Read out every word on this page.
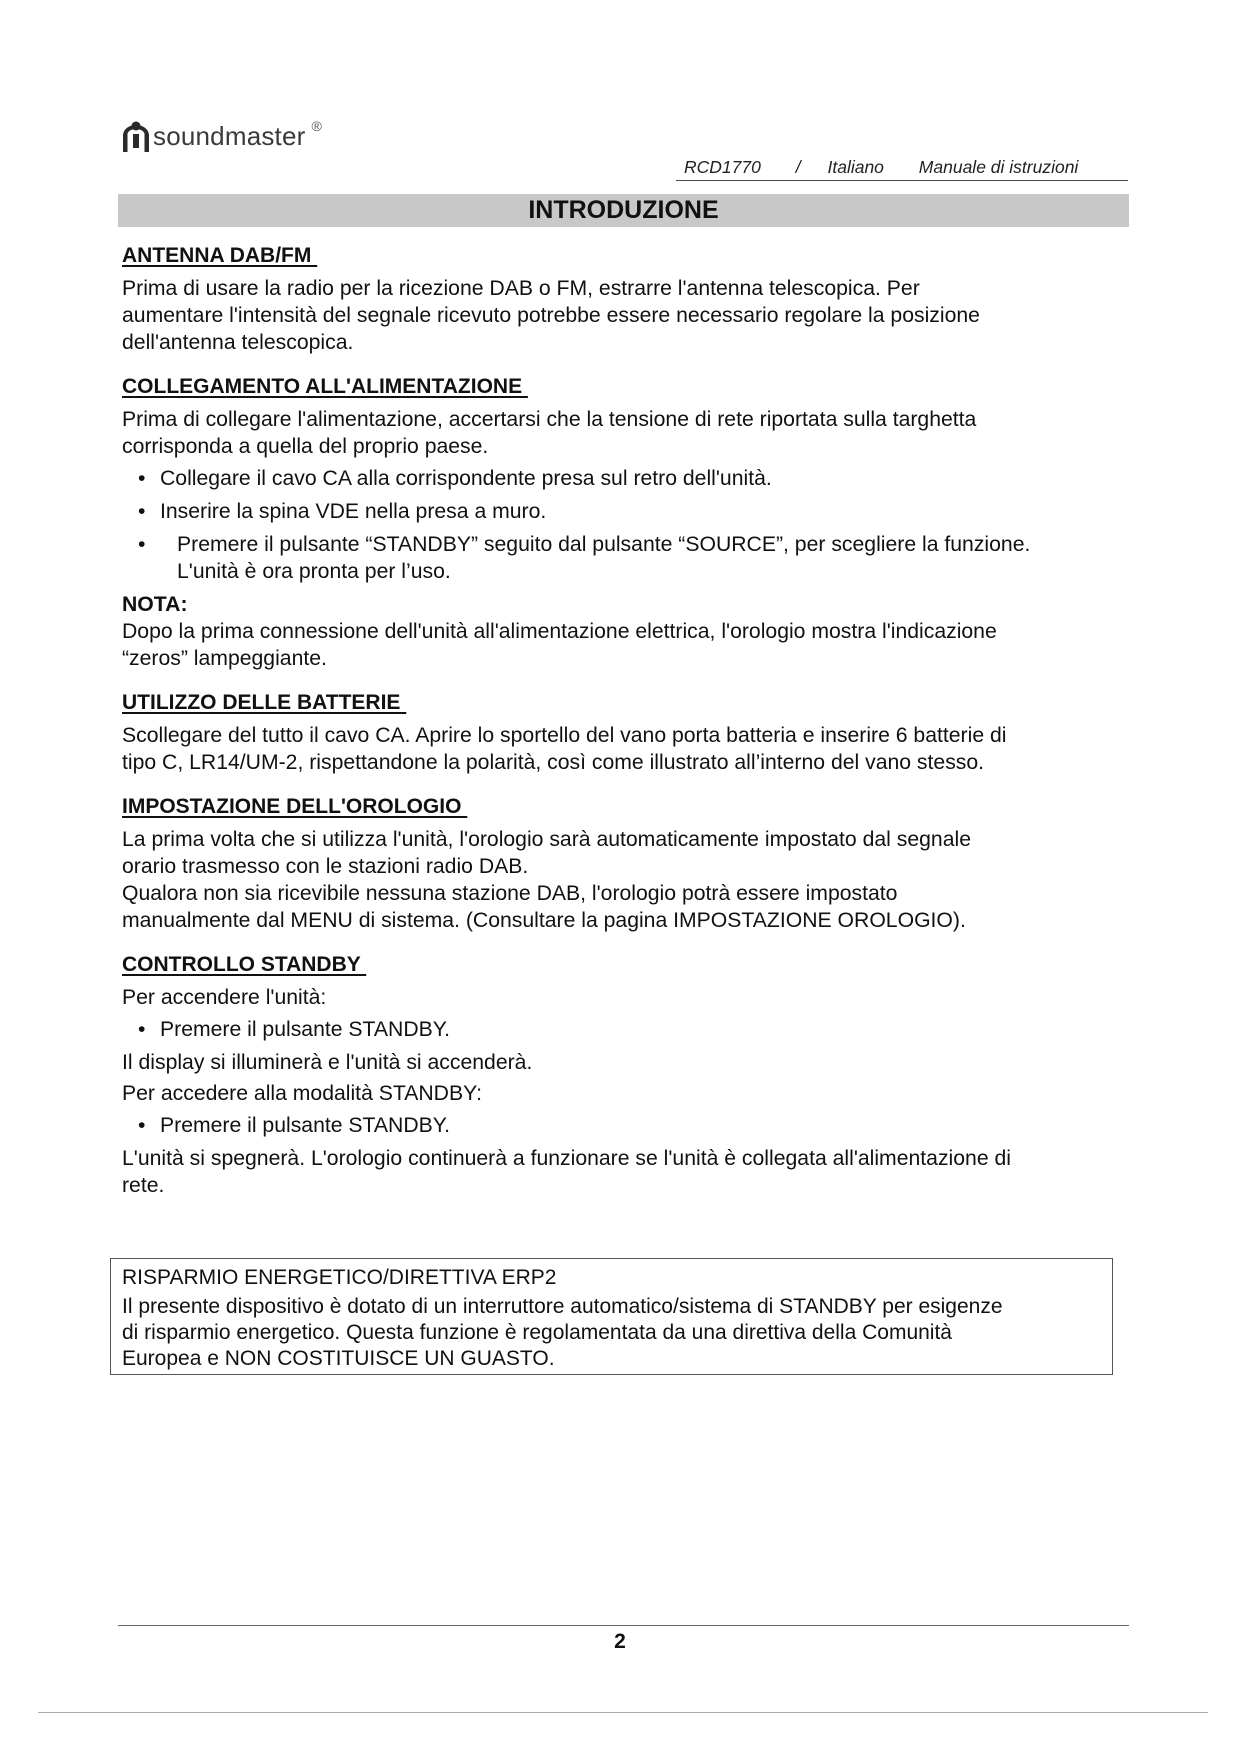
soundmaster ®
RCD1770 / Italiano Manuale di istruzioni
INTRODUZIONE

ANTENNA DAB/FM

Prima di usare la radio per la ricezione DAB o FM, estrarre l'antenna telescopica. Per

aumentare l'intensità del segnale ricevuto potrebbe essere necessario regolare la posizione

dell'antenna telescopica.

COLLEGAMENTO ALL'ALIMENTAZIONE

Prima di collegare l'alimentazione, accertarsi che la tensione di rete riportata sulla targhetta

corrisponda a quella del proprio paese.

• Collegare il cavo CA alla corrispondente presa sul retro dell'unità.
• Inserire la spina VDE nella presa a muro.
• Premere il pulsante “STANDBY” seguito dal pulsante “SOURCE”, per scegliere la funzione.
L'unità è ora pronta per l’uso.

NOTA:

Dopo la prima connessione dell'unità all'alimentazione elettrica, l'orologio mostra l'indicazione

“zeros” lampeggiante.

UTILIZZO DELLE BATTERIE

Scollegare del tutto il cavo CA. Aprire lo sportello del vano porta batteria e inserire 6 batterie di

tipo C, LR14/UM-2, rispettandone la polarità, così come illustrato all’interno del vano stesso.

IMPOSTAZIONE DELL'OROLOGIO

La prima volta che si utilizza l'unità, l'orologio sarà automaticamente impostato dal segnale

orario trasmesso con le stazioni radio DAB.

Qualora non sia ricevibile nessuna stazione DAB, l'orologio potrà essere impostato

manualmente dal MENU di sistema. (Consultare la pagina IMPOSTAZIONE OROLOGIO).

CONTROLLO STANDBY

Per accendere l'unità:

• Premere il pulsante STANDBY.

Il display si illuminerà e l'unità si accenderà.

Per accedere alla modalità STANDBY:

• Premere il pulsante STANDBY.

L'unità si spegnerà. L'orologio continuerà a funzionare se l'unità è collegata all'alimentazione di

rete.

RISPARMIO ENERGETICO/DIRETTIVA ERP2

Il presente dispositivo è dotato di un interruttore automatico/sistema di STANDBY per esigenze

di risparmio energetico. Questa funzione è regolamentata da una direttiva della Comunità

Europea e NON COSTITUISCE UN GUASTO.

2
